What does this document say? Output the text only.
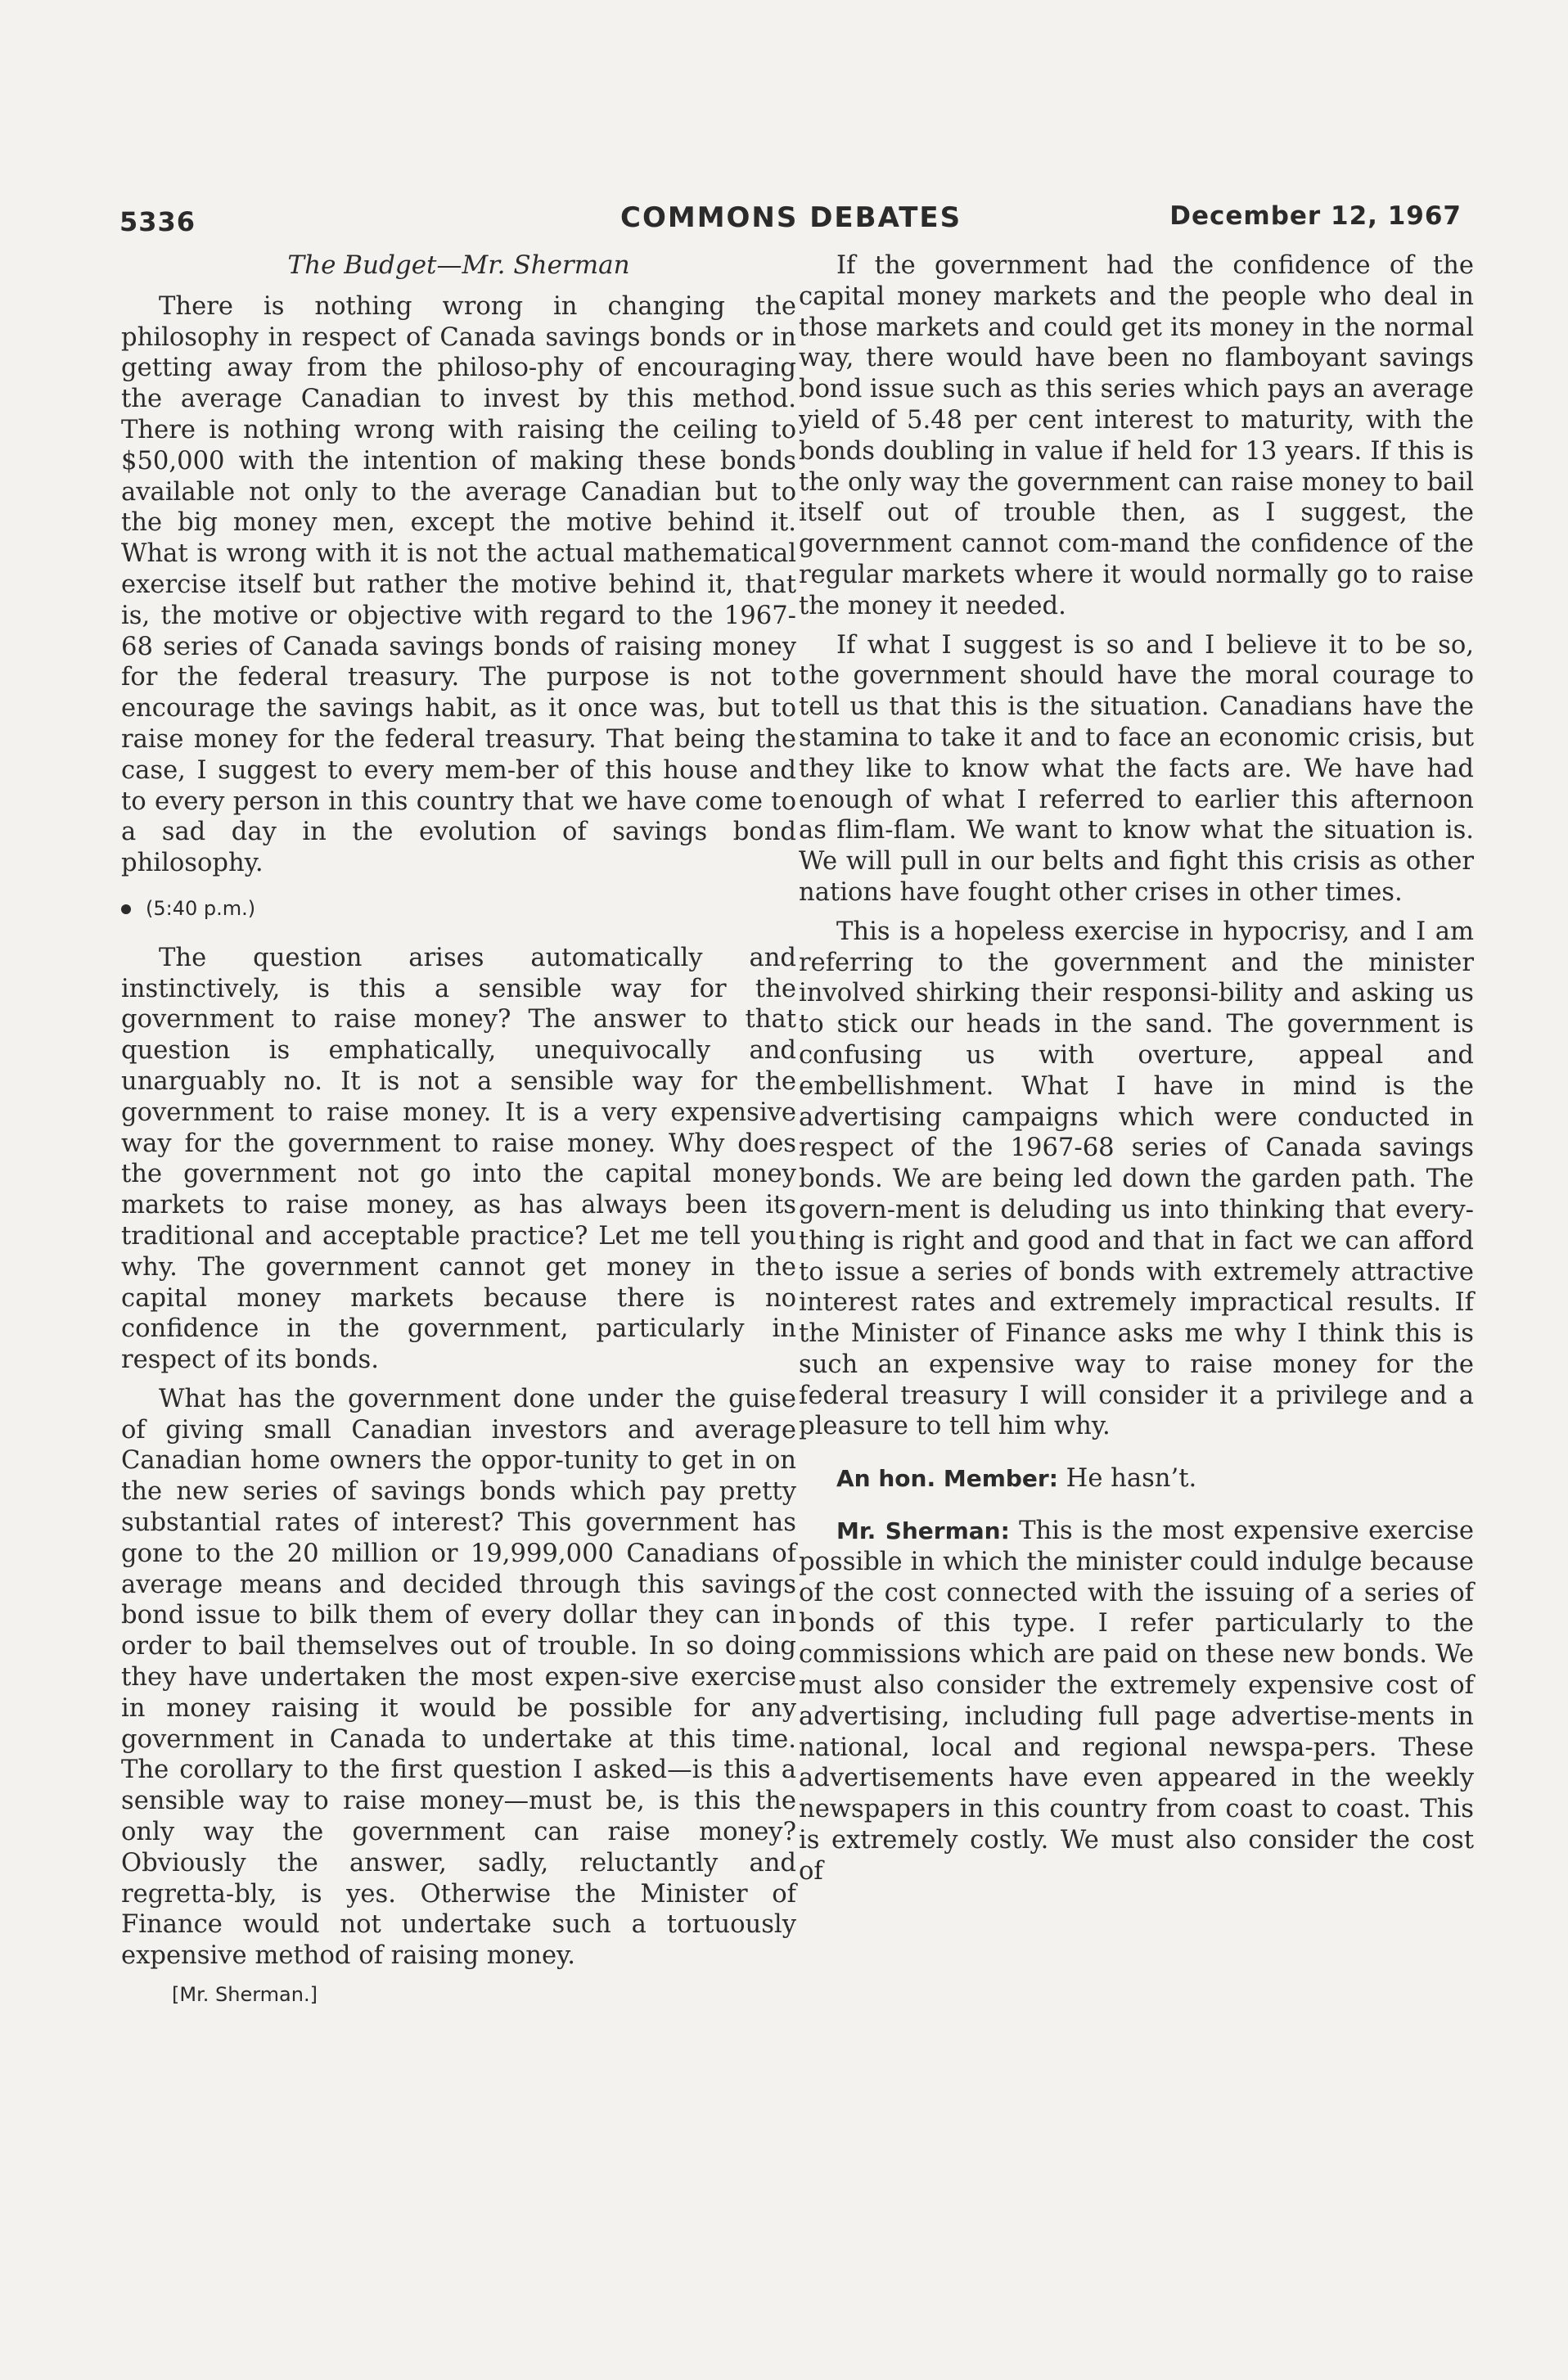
5336	COMMONS DEBATES	December 12, 1967
The Budget—Mr. Sherman

There is nothing wrong in changing the philosophy in respect of Canada savings bonds or in getting away from the philoso-phy of encouraging the average Canadian to invest by this method. There is nothing wrong with raising the ceiling to $50,000 with the intention of making these bonds available not only to the average Canadian but to the big money men, except the motive behind it. What is wrong with it is not the actual mathematical exercise itself but rather the motive behind it, that is, the motive or objective with regard to the 1967-68 series of Canada savings bonds of raising money for the federal treasury. The purpose is not to encourage the savings habit, as it once was, but to raise money for the federal treasury. That being the case, I suggest to every mem-ber of this house and to every person in this country that we have come to a sad day in the evolution of savings bond philosophy.

(5:40 p.m.)

The question arises automatically and instinctively, is this a sensible way for the government to raise money? The answer to that question is emphatically, unequivocally and unarguably no. It is not a sensible way for the government to raise money. It is a very expensive way for the government to raise money. Why does the government not go into the capital money markets to raise money, as has always been its traditional and acceptable practice? Let me tell you why. The government cannot get money in the capital money markets because there is no confidence in the government, particularly in respect of its bonds.

What has the government done under the guise of giving small Canadian investors and average Canadian home owners the oppor-tunity to get in on the new series of savings bonds which pay pretty substantial rates of interest? This government has gone to the 20 million or 19,999,000 Canadians of average means and decided through this savings bond issue to bilk them of every dollar they can in order to bail themselves out of trouble. In so doing they have undertaken the most expen-sive exercise in money raising it would be possible for any government in Canada to undertake at this time. The corollary to the first question I asked—is this a sensible way to raise money—must be, is this the only way the government can raise money? Obviously the answer, sadly, reluctantly and regretta-bly, is yes. Otherwise the Minister of Finance would not undertake such a tortuously expensive method of raising money.

[Mr. Sherman.]

If the government had the confidence of the capital money markets and the people who deal in those markets and could get its money in the normal way, there would have been no flamboyant savings bond issue such as this series which pays an average yield of 5.48 per cent interest to maturity, with the bonds doubling in value if held for 13 years. If this is the only way the government can raise money to bail itself out of trouble then, as I suggest, the government cannot com-mand the confidence of the regular markets where it would normally go to raise the money it needed.

If what I suggest is so and I believe it to be so, the government should have the moral courage to tell us that this is the situation. Canadians have the stamina to take it and to face an economic crisis, but they like to know what the facts are. We have had enough of what I referred to earlier this afternoon as flim-flam. We want to know what the situation is. We will pull in our belts and fight this crisis as other nations have fought other crises in other times.

This is a hopeless exercise in hypocrisy, and I am referring to the government and the minister involved shirking their responsi-bility and asking us to stick our heads in the sand. The government is confusing us with overture, appeal and embellishment. What I have in mind is the advertising campaigns which were conducted in respect of the 1967-68 series of Canada savings bonds. We are being led down the garden path. The govern-ment is deluding us into thinking that every-thing is right and good and that in fact we can afford to issue a series of bonds with extremely attractive interest rates and extremely impractical results. If the Minister of Finance asks me why I think this is such an expensive way to raise money for the federal treasury I will consider it a privilege and a pleasure to tell him why.

An hon. Member: He hasn’t.

Mr. Sherman: This is the most expensive exercise possible in which the minister could indulge because of the cost connected with the issuing of a series of bonds of this type. I refer particularly to the commissions which are paid on these new bonds. We must also consider the extremely expensive cost of advertising, including full page advertise-ments in national, local and regional newspa-pers. These advertisements have even appeared in the weekly newspapers in this country from coast to coast. This is extremely costly. We must also consider the cost of
